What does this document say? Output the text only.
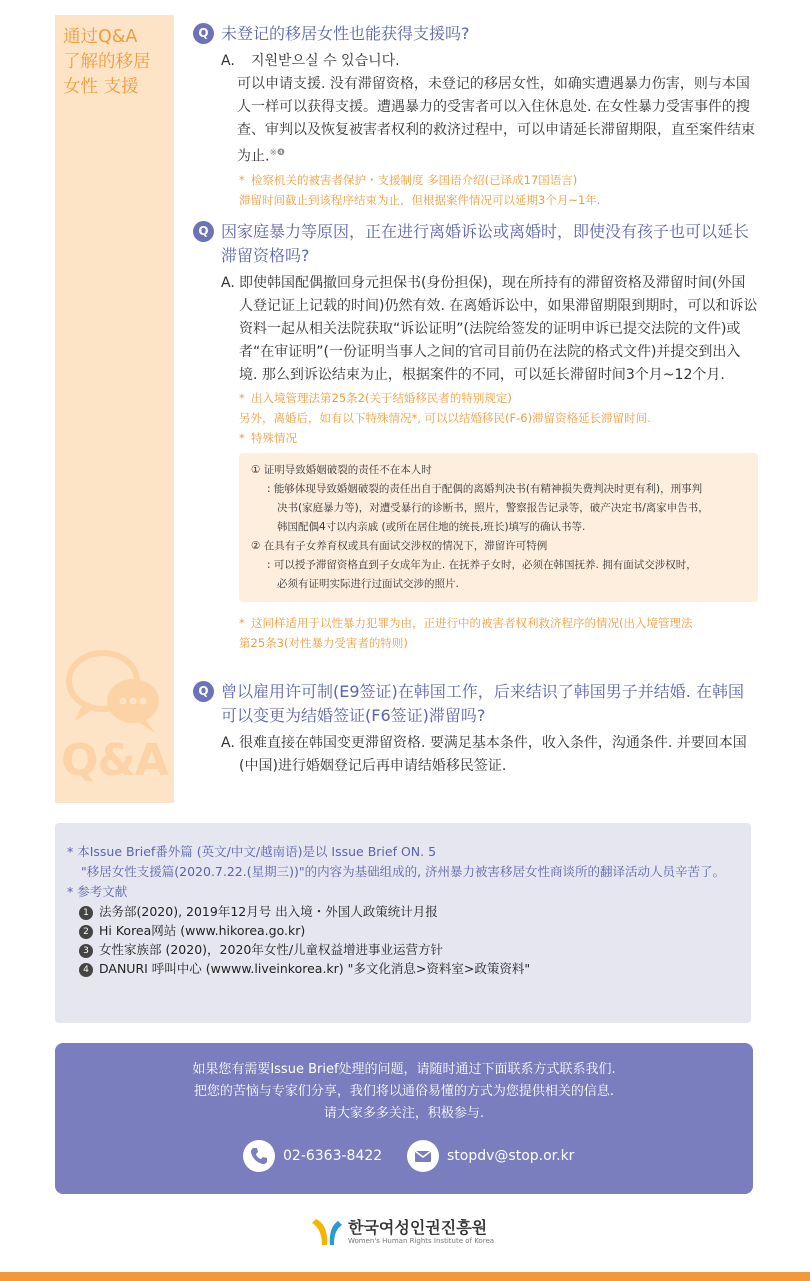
通过Q&A
了解的移居
女性 支援
Q&A
Q 未登记的移居女性也能获得支援吗?
A.	지원받으실 수 있습니다.
可以申请支援. 没有滞留资格，未登记的移居女性，如确实遭遇暴力伤害，则与本国人一样可以获得支援。遭遇暴力的受害者可以入住休息处. 在女性暴力受害事件的搜查、审判以及恢复被害者权利的救济过程中，可以申请延长滞留期限，直至案件结束为止.$^{※❹}$
* 检察机关的被害者保护・支援制度 多国语介绍(已译成17国语言)
滞留时间截止到该程序结束为止，但根据案件情况可以延期3个月~1年.
Q 因家庭暴力等原因，正在进行离婚诉讼或离婚时，即使没有孩子也可以延长滞留资格吗?
A. 即使韩国配偶撤回身元担保书(身份担保)，现在所持有的滞留资格及滞留时间(外国人登记证上记载的时间)仍然有效. 在离婚诉讼中，如果滞留期限到期时，可以和诉讼资料一起从相关法院获取“诉讼证明”(法院给签发的证明申诉已提交法院的文件)或者“在审证明”(一份证明当事人之间的官司目前仍在法院的格式文件)并提交到出入境. 那么到诉讼结束为止，根据案件的不同，可以延长滞留时间3个月~12个月.
* 出入境管理法第25条2(关于结婚移民者的特别规定)
另外，离婚后，如有以下特殊情况*, 可以以结婚移民(F-6)滞留资格延长滞留时间.
* 特殊情况
① 证明导致婚姻破裂的责任不在本人时
: 能够体现导致婚姻破裂的责任出自于配偶的离婚判决书(有精神损失费判决时更有利)，刑事判
决书(家庭暴力等)，对遭受暴行的诊断书，照片，警察报告记录等，破产决定书/离家申告书，
韩国配偶4寸以内亲戚 (或所在居住地的统長,班长)填写的确认书等.
② 在具有子女养育权或具有面试交涉权的情况下，滞留许可特例
: 可以授予滞留资格直到子女成年为止. 在抚养子女时，必须在韩国抚养. 拥有面试交涉权时，
必须有证明实际进行过面试交涉的照片.
* 这同样适用于以性暴力犯罪为由，正进行中的被害者权利救济程序的情况(出入境管理法
第25条3(对性暴力受害者的特则)
Q 曾以雇用许可制(E9签证)在韩国工作，后来结识了韩国男子并结婚. 在韩国可以变更为结婚签证(F6签证)滞留吗?
A. 很难直接在韩国变更滞留资格. 要满足基本条件，收入条件，沟通条件. 并要回本国(中国)进行婚姻登记后再申请结婚移民签证.
* 本Issue Brief番外篇 (英文/中文/越南语)是以 Issue Brief ON. 5
"移居女性支援篇(2020.7.22.(星期三))"的内容为基础组成的, 济州暴力被害移居女性商谈所的翻译活动人员辛苦了。
* 参考文献
1 法务部(2020), 2019年12月号 出入境・外国人政策统计月报
2 Hi Korea网站 (www.hikorea.go.kr)
3 女性家族部 (2020)，2020年女性/儿童权益增进事业运营方针
4 DANURI 呼叫中心 (wwww.liveinkorea.kr) "多文化消息>资料室>政策资料"
如果您有需要Issue Brief处理的问题，请随时通过下面联系方式联系我们.
把您的苦恼与专家们分享，我们将以通俗易懂的方式为您提供相关的信息.
请大家多多关注，积极参与.
02-6363-8422	stopdv@stop.or.kr
한국여성인권진흥원
Women's Human Rights Institute of Korea
